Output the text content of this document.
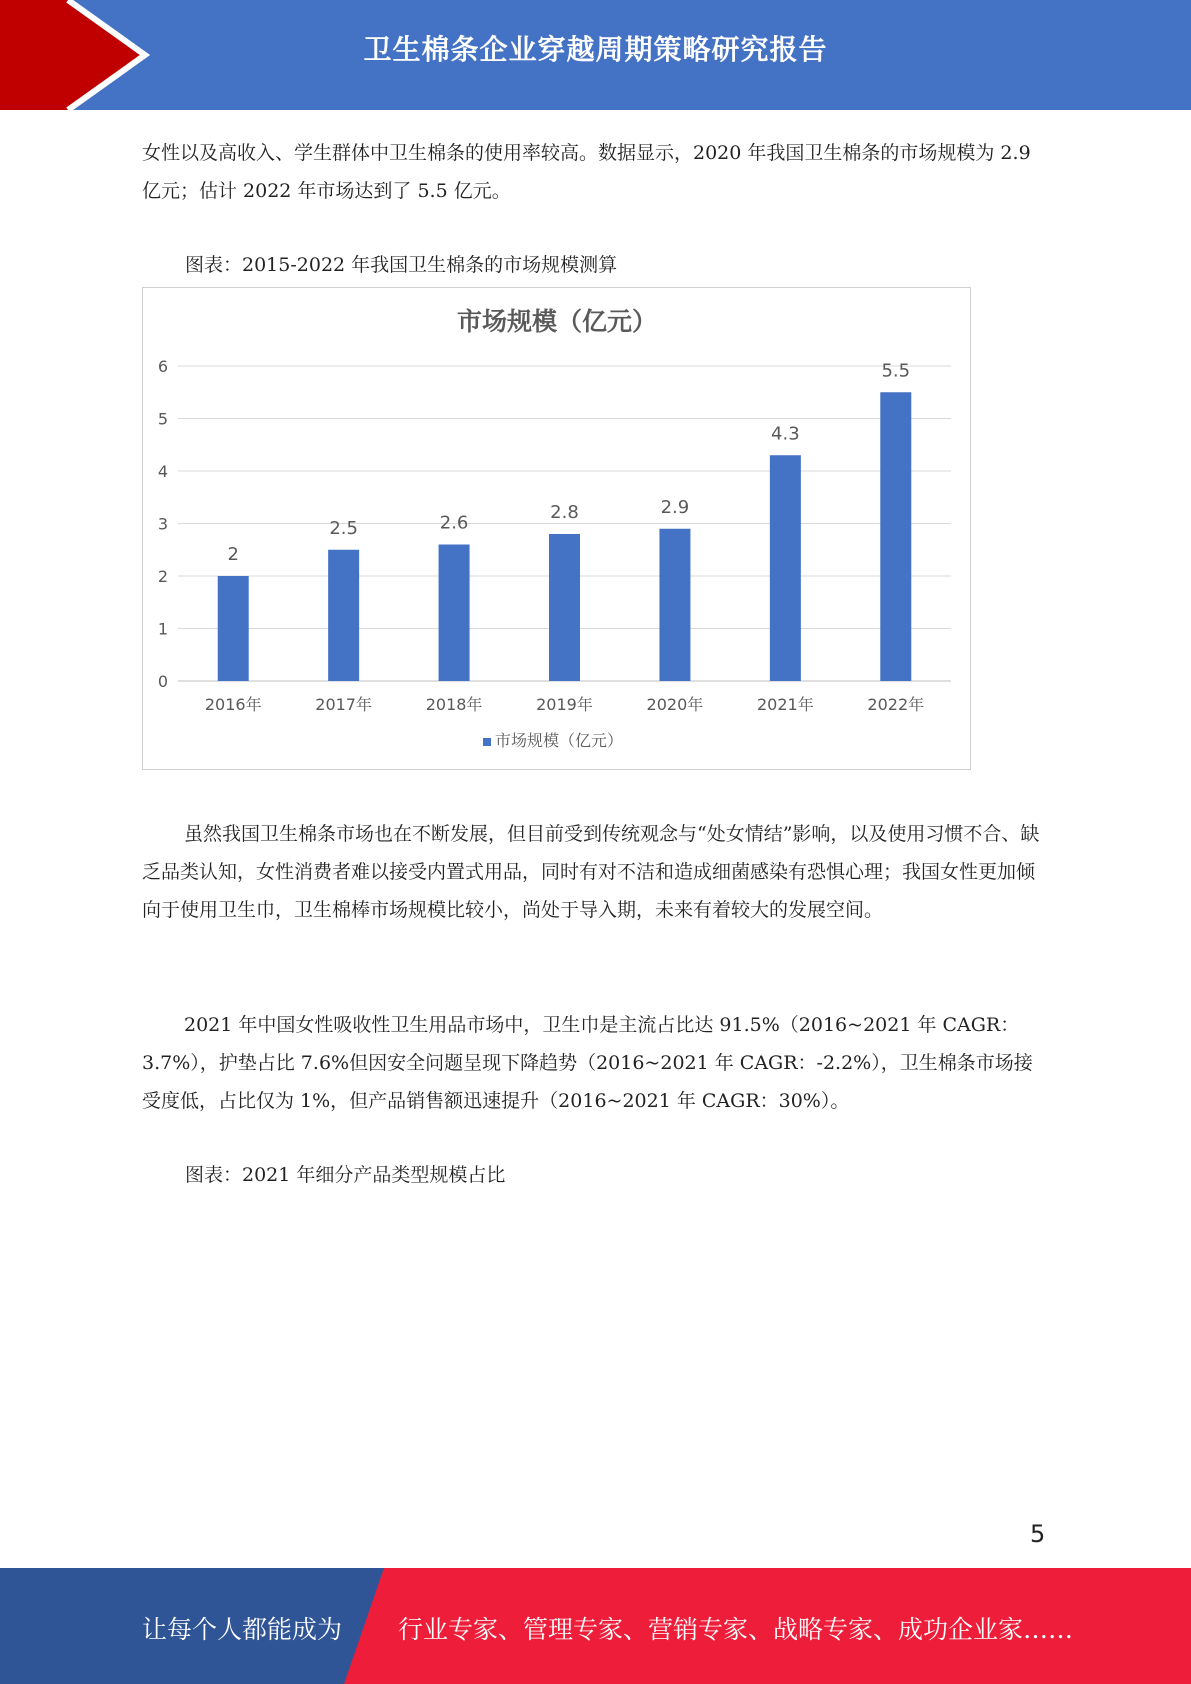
卫生棉条企业穿越周期策略研究报告

女性以及高收入、学生群体中卫生棉条的使用率较高。数据显示，2020 年我国卫生棉条的市场规模为 2.9 亿元；估计 2022 年市场达到了 5.5 亿元。

图表：2015-2022 年我国卫生棉条的市场规模测算
0
1
2
3
4
5
6
2
2016年
2.5
2017年
2.6
2018年
2.8
2019年
2.9
2020年
4.3
2021年
5.5
2022年
市场规模（亿元）
市场规模（亿元）

虽然我国卫生棉条市场也在不断发展，但目前受到传统观念与“处女情结”影响，以及使用习惯不合、缺乏品类认知，女性消费者难以接受内置式用品，同时有对不洁和造成细菌感染有恐惧心理；我国女性更加倾向于使用卫生巾，卫生棉棒市场规模比较小，尚处于导入期，未来有着较大的发展空间。

2021 年中国女性吸收性卫生用品市场中，卫生巾是主流占比达 91.5%（2016~2021 年 CAGR：3.7%），护垫占比 7.6%但因安全问题呈现下降趋势（2016~2021 年 CAGR：-2.2%），卫生棉条市场接受度低，占比仅为 1%，但产品销售额迅速提升（2016~2021 年 CAGR：30%）。

图表：2021 年细分产品类型规模占比
5
让每个人都能成为 行业专家、管理专家、营销专家、战略专家、成功企业家……
